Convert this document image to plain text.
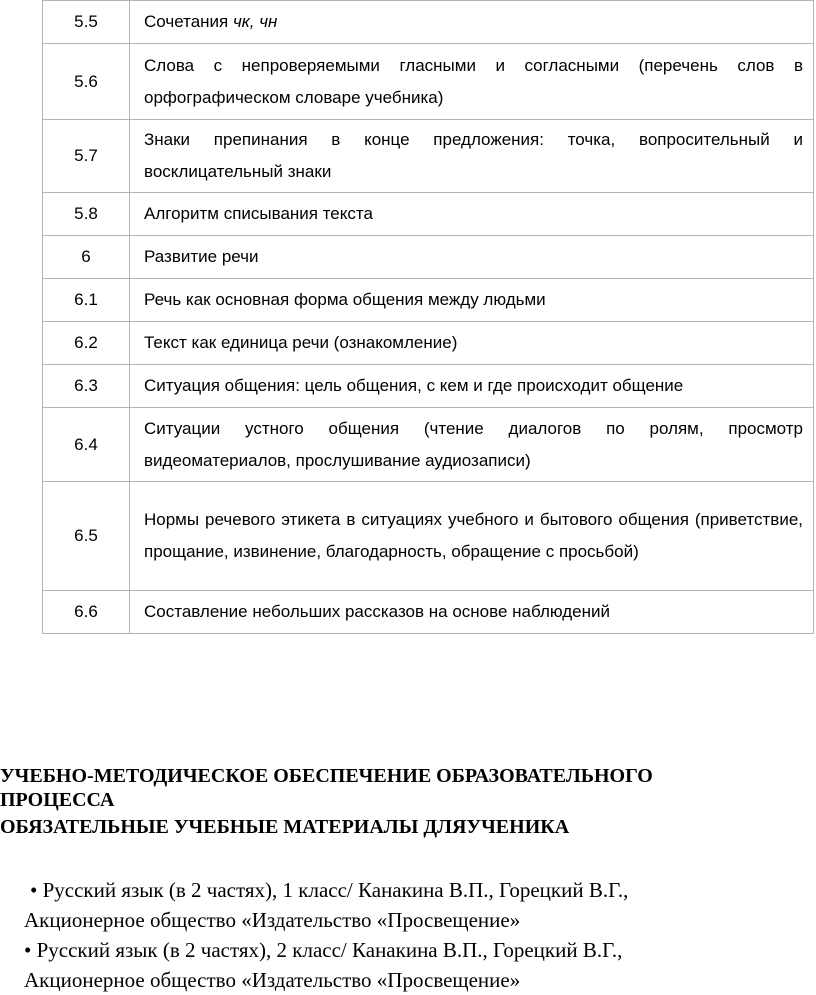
5.5	Сочетания чк, чн
5.6	Слова с непроверяемыми гласными и согласными (перечень слов в орфографическом словаре учебника)
5.7	Знаки препинания в конце предложения: точка, вопросительный и восклицательный знаки
5.8	Алгоритм списывания текста
6	Развитие речи
6.1	Речь как основная форма общения между людьми
6.2	Текст как единица речи (ознакомление)
6.3	Ситуация общения: цель общения, с кем и где происходит общение
6.4	Ситуации устного общения (чтение диалогов по ролям, просмотр видеоматериалов, прослушивание аудиозаписи)
6.5	Нормы речевого этикета в ситуациях учебного и бытового общения (приветствие, прощание, извинение, благодарность, обращение с просьбой)
6.6	Составление небольших рассказов на основе наблюдений
УЧЕБНО-МЕТОДИЧЕСКОЕ ОБЕСПЕЧЕНИЕ ОБРАЗОВАТЕЛЬНОГО
ПРОЦЕССА
ОБЯЗАТЕЛЬНЫЕ УЧЕБНЫЕ МАТЕРИАЛЫ ДЛЯУЧЕНИКА
• Русский язык (в 2 частях), 1 класс/ Канакина В.П., Горецкий В.Г.,
Акционерное общество «Издательство «Просвещение»
• Русский язык (в 2 частях), 2 класс/ Канакина В.П., Горецкий В.Г.,
Акционерное общество «Издательство «Просвещение»
